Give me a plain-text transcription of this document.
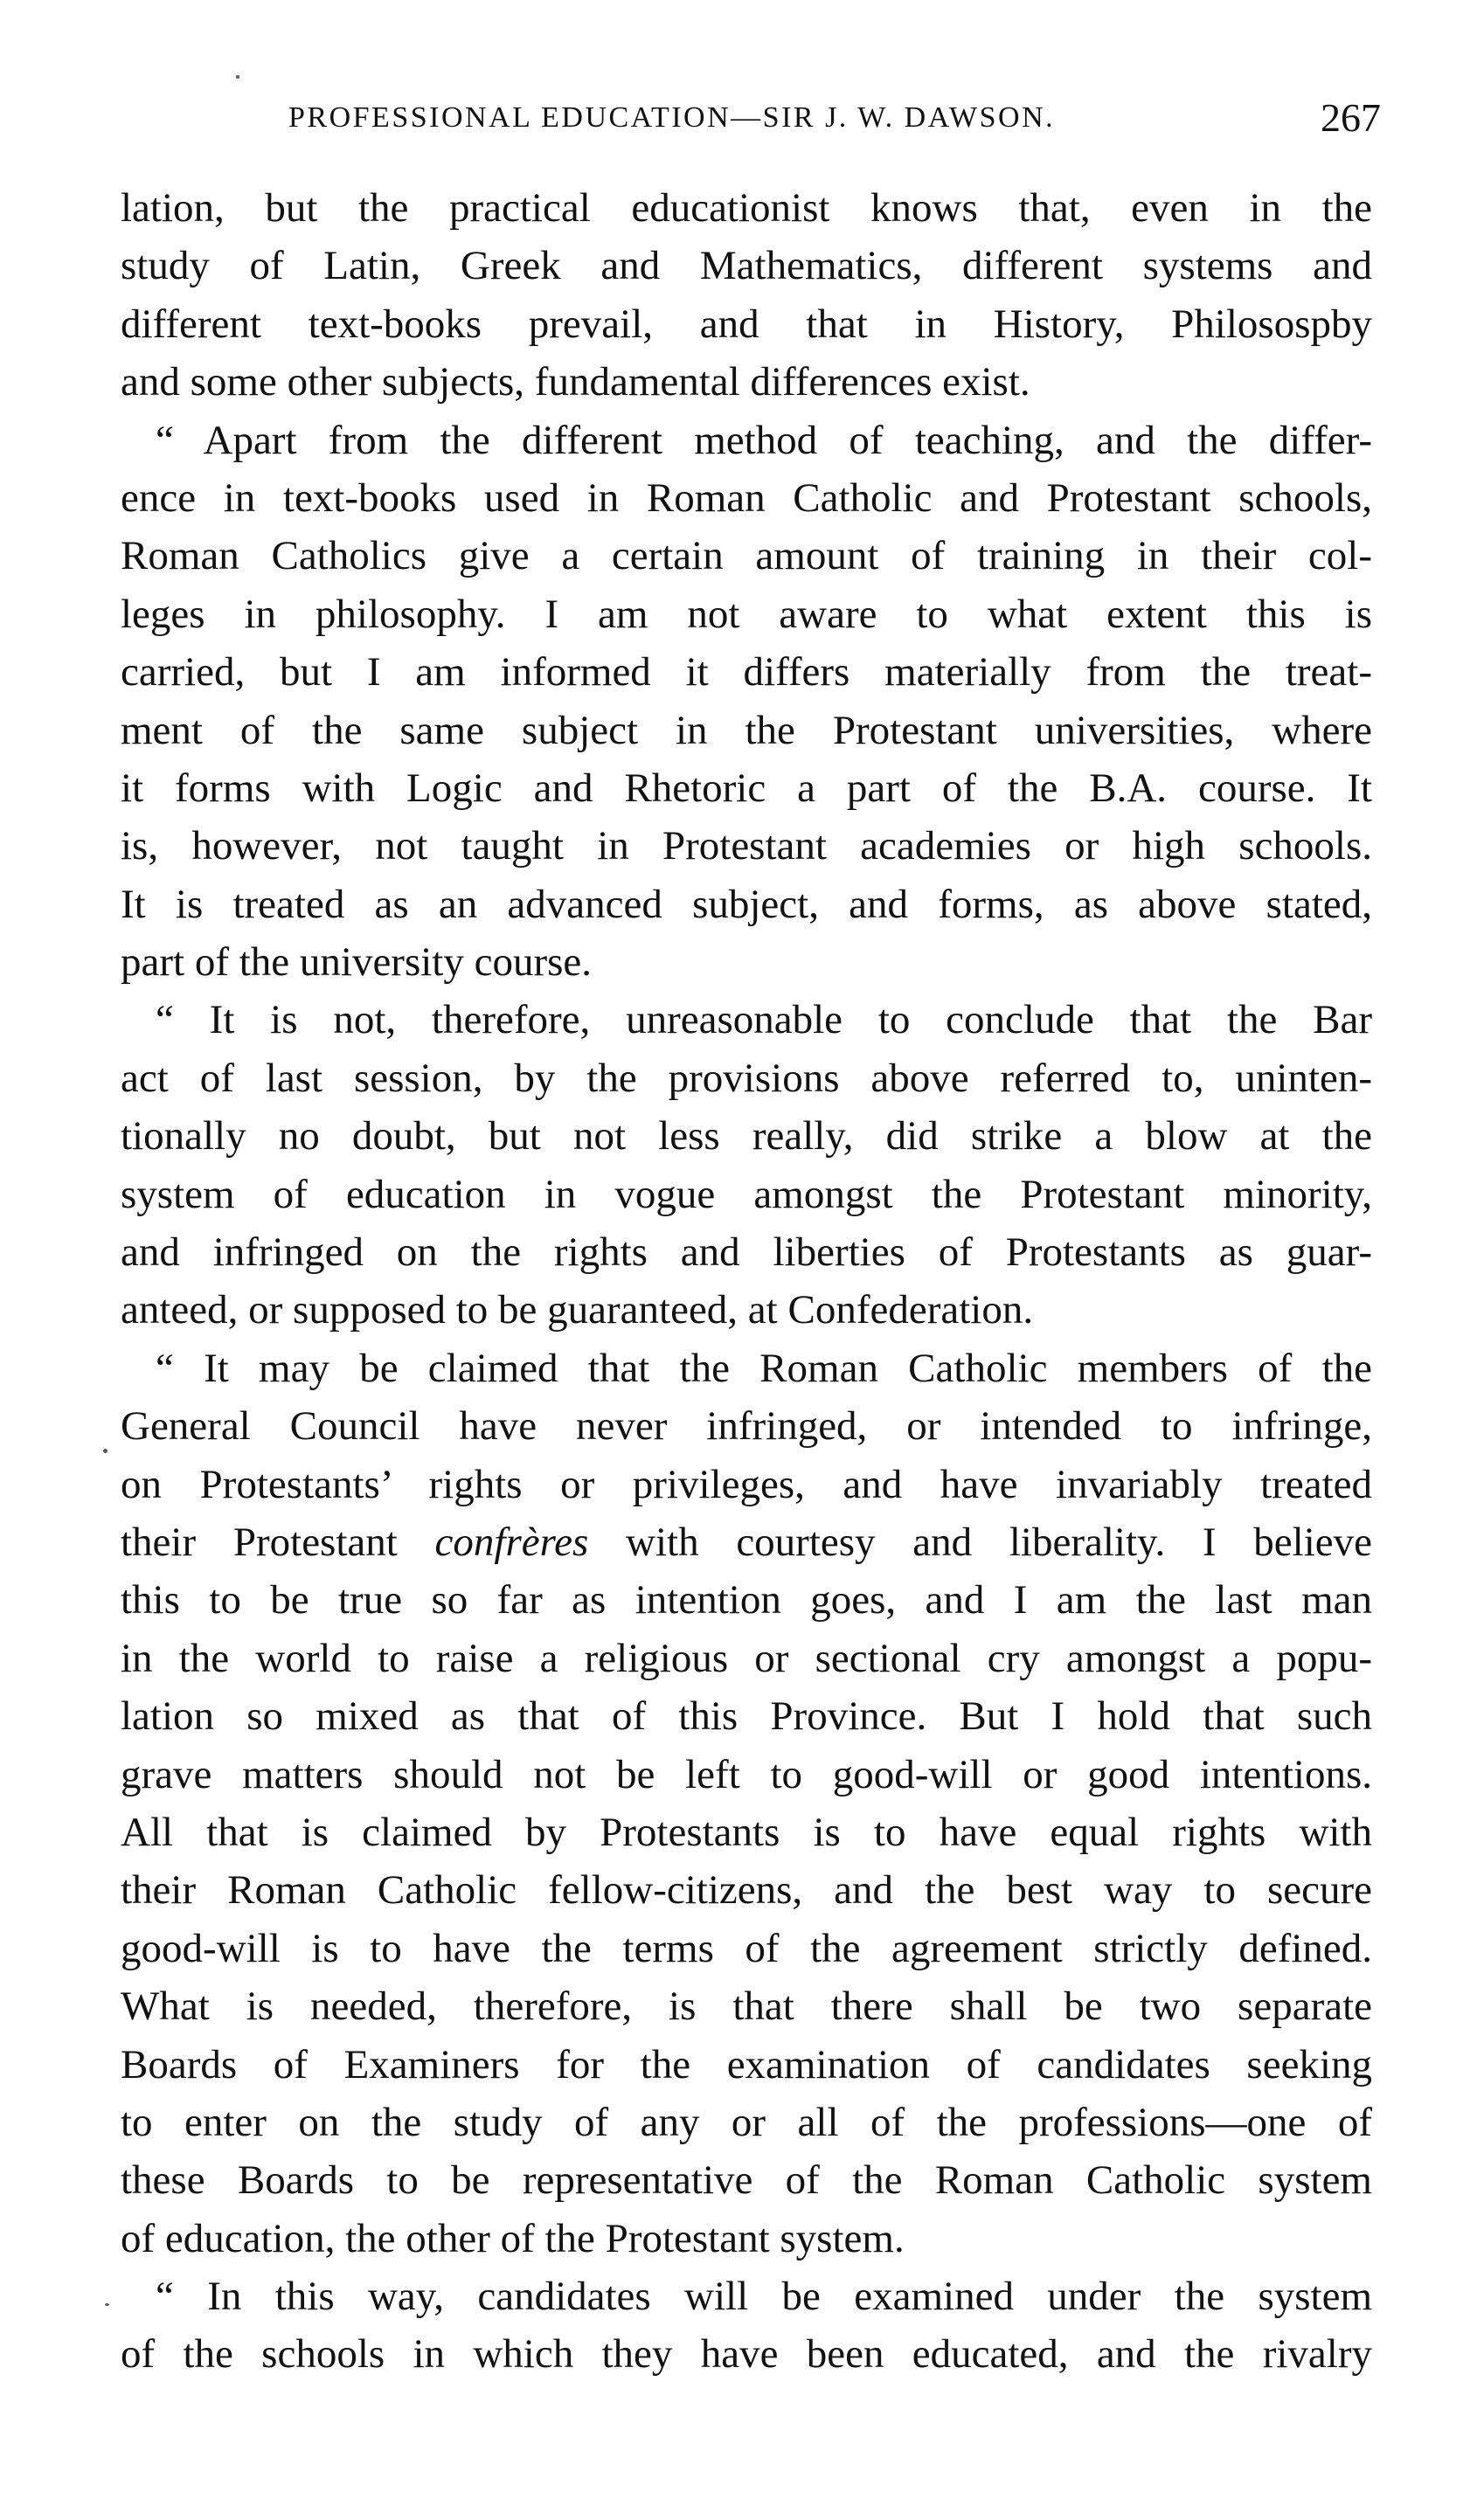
PROFESSIONAL EDUCATION—SIR J. W. DAWSON.	267
lation, but the practical educationist knows that, even in the
study of Latin, Greek and Mathematics, different systems and
different text-books prevail, and that in History, Philosospby
and some other subjects, fundamental differences exist.
“ Apart from the different method of teaching, and the differ-
ence in text-books used in Roman Catholic and Protestant schools,
Roman Catholics give a certain amount of training in their col-
leges in philosophy. I am not aware to what extent this is
carried, but I am informed it differs materially from the treat-
ment of the same subject in the Protestant universities, where
it forms with Logic and Rhetoric a part of the B.A. course. It
is, however, not taught in Protestant academies or high schools.
It is treated as an advanced subject, and forms, as above stated,
part of the university course.
“ It is not, therefore, unreasonable to conclude that the Bar
act of last session, by the provisions above referred to, uninten-
tionally no doubt, but not less really, did strike a blow at the
system of education in vogue amongst the Protestant minority,
and infringed on the rights and liberties of Protestants as guar-
anteed, or supposed to be guaranteed, at Confederation.
“ It may be claimed that the Roman Catholic members of the
General Council have never infringed, or intended to infringe,
on Protestants’ rights or privileges, and have invariably treated
their Protestant confrères with courtesy and liberality. I believe
this to be true so far as intention goes, and I am the last man
in the world to raise a religious or sectional cry amongst a popu-
lation so mixed as that of this Province. But I hold that such
grave matters should not be left to good-will or good intentions.
All that is claimed by Protestants is to have equal rights with
their Roman Catholic fellow-citizens, and the best way to secure
good-will is to have the terms of the agreement strictly defined.
What is needed, therefore, is that there shall be two separate
Boards of Examiners for the examination of candidates seeking
to enter on the study of any or all of the professions—one of
these Boards to be representative of the Roman Catholic system
of education, the other of the Protestant system.
“ In this way, candidates will be examined under the system
of the schools in which they have been educated, and the rivalry
